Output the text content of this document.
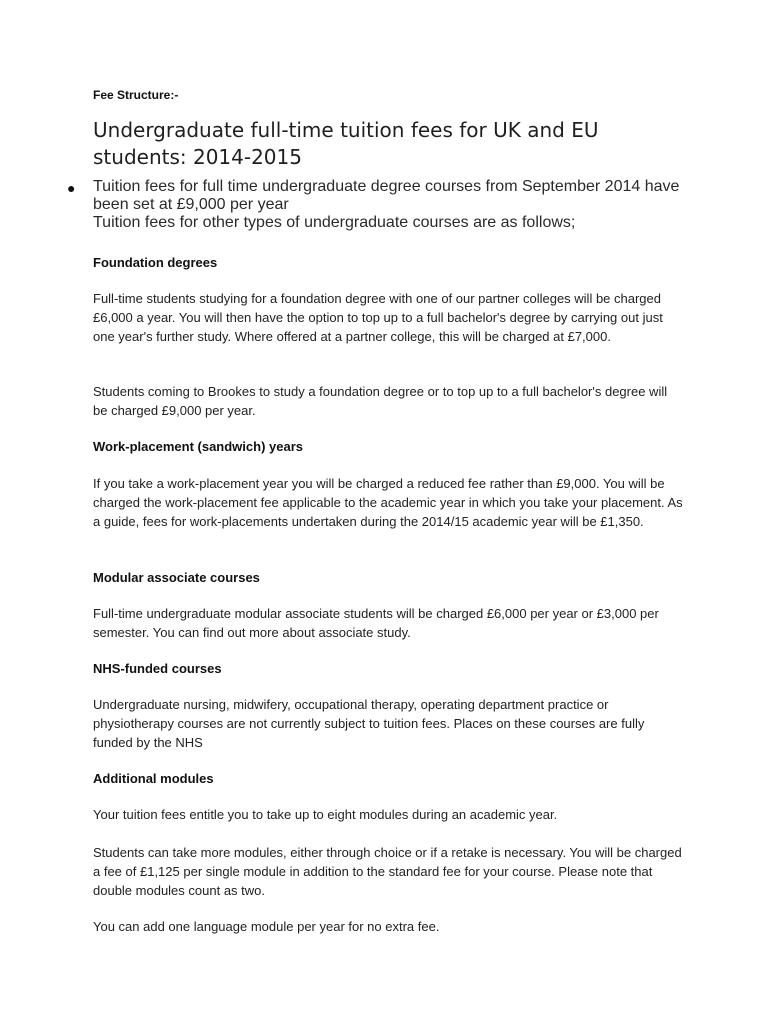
Fee Structure:-
Undergraduate full-time tuition fees for UK and EU students: 2014-2015
● Tuition fees for full time undergraduate degree courses from September 2014 have been set at £9,000 per year
Tuition fees for other types of undergraduate courses are as follows;
Foundation degrees
Full-time students studying for a foundation degree with one of our partner colleges will be charged £6,000 a year. You will then have the option to top up to a full bachelor's degree by carrying out just one year's further study. Where offered at a partner college, this will be charged at £7,000.
Students coming to Brookes to study a foundation degree or to top up to a full bachelor's degree will be charged £9,000 per year.
Work-placement (sandwich) years
If you take a work-placement year you will be charged a reduced fee rather than £9,000. You will be charged the work-placement fee applicable to the academic year in which you take your placement. As a guide, fees for work-placements undertaken during the 2014/15 academic year will be £1,350.
Modular associate courses
Full-time undergraduate modular associate students will be charged £6,000 per year or £3,000 per semester. You can find out more about associate study.
NHS-funded courses
Undergraduate nursing, midwifery, occupational therapy, operating department practice or physiotherapy courses are not currently subject to tuition fees. Places on these courses are fully funded by the NHS
Additional modules
Your tuition fees entitle you to take up to eight modules during an academic year.
Students can take more modules, either through choice or if a retake is necessary. You will be charged a fee of £1,125 per single module in addition to the standard fee for your course. Please note that double modules count as two.
You can add one language module per year for no extra fee.
